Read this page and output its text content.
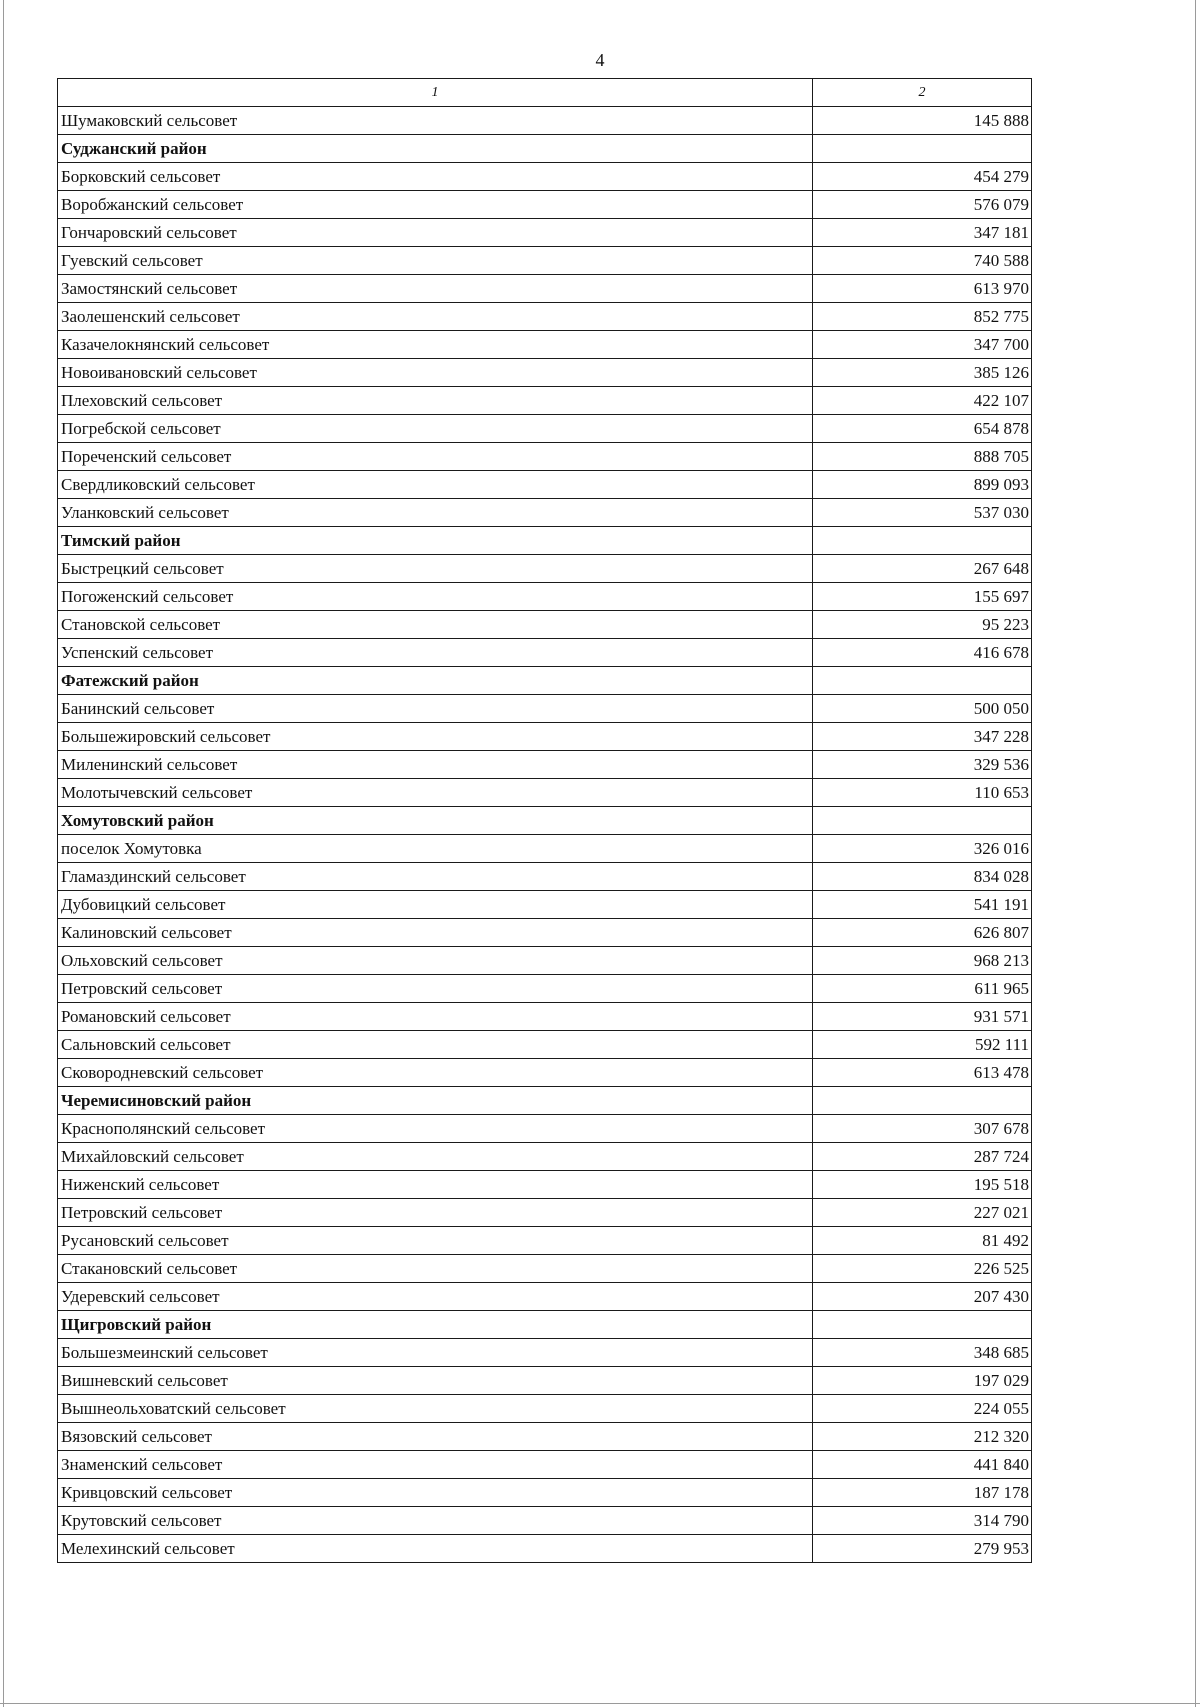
4
1	2
Шумаковский сельсовет	145 888
Суджанский район	
Борковский сельсовет	454 279
Воробжанский сельсовет	576 079
Гончаровский сельсовет	347 181
Гуевский сельсовет	740 588
Замостянский сельсовет	613 970
Заолешенский сельсовет	852 775
Казачелокнянский сельсовет	347 700
Новоивановский сельсовет	385 126
Плеховский сельсовет	422 107
Погребской сельсовет	654 878
Пореченский сельсовет	888 705
Свердликовский сельсовет	899 093
Уланковский сельсовет	537 030
Тимский район	
Быстрецкий сельсовет	267 648
Погоженский сельсовет	155 697
Становской сельсовет	95 223
Успенский сельсовет	416 678
Фатежский район	
Банинский сельсовет	500 050
Большежировский сельсовет	347 228
Миленинский сельсовет	329 536
Молотычевский сельсовет	110 653
Хомутовский район	
поселок Хомутовка	326 016
Гламаздинский сельсовет	834 028
Дубовицкий сельсовет	541 191
Калиновский сельсовет	626 807
Ольховский сельсовет	968 213
Петровский сельсовет	611 965
Романовский сельсовет	931 571
Сальновский сельсовет	592 111
Сковородневский сельсовет	613 478
Черемисиновский район	
Краснополянский сельсовет	307 678
Михайловский сельсовет	287 724
Ниженский сельсовет	195 518
Петровский сельсовет	227 021
Русановский сельсовет	81 492
Стакановский сельсовет	226 525
Удеревский сельсовет	207 430
Щигровский район	
Большезмеинский сельсовет	348 685
Вишневский сельсовет	197 029
Вышнеольховатский сельсовет	224 055
Вязовский сельсовет	212 320
Знаменский сельсовет	441 840
Кривцовский сельсовет	187 178
Крутовский сельсовет	314 790
Мелехинский сельсовет	279 953
